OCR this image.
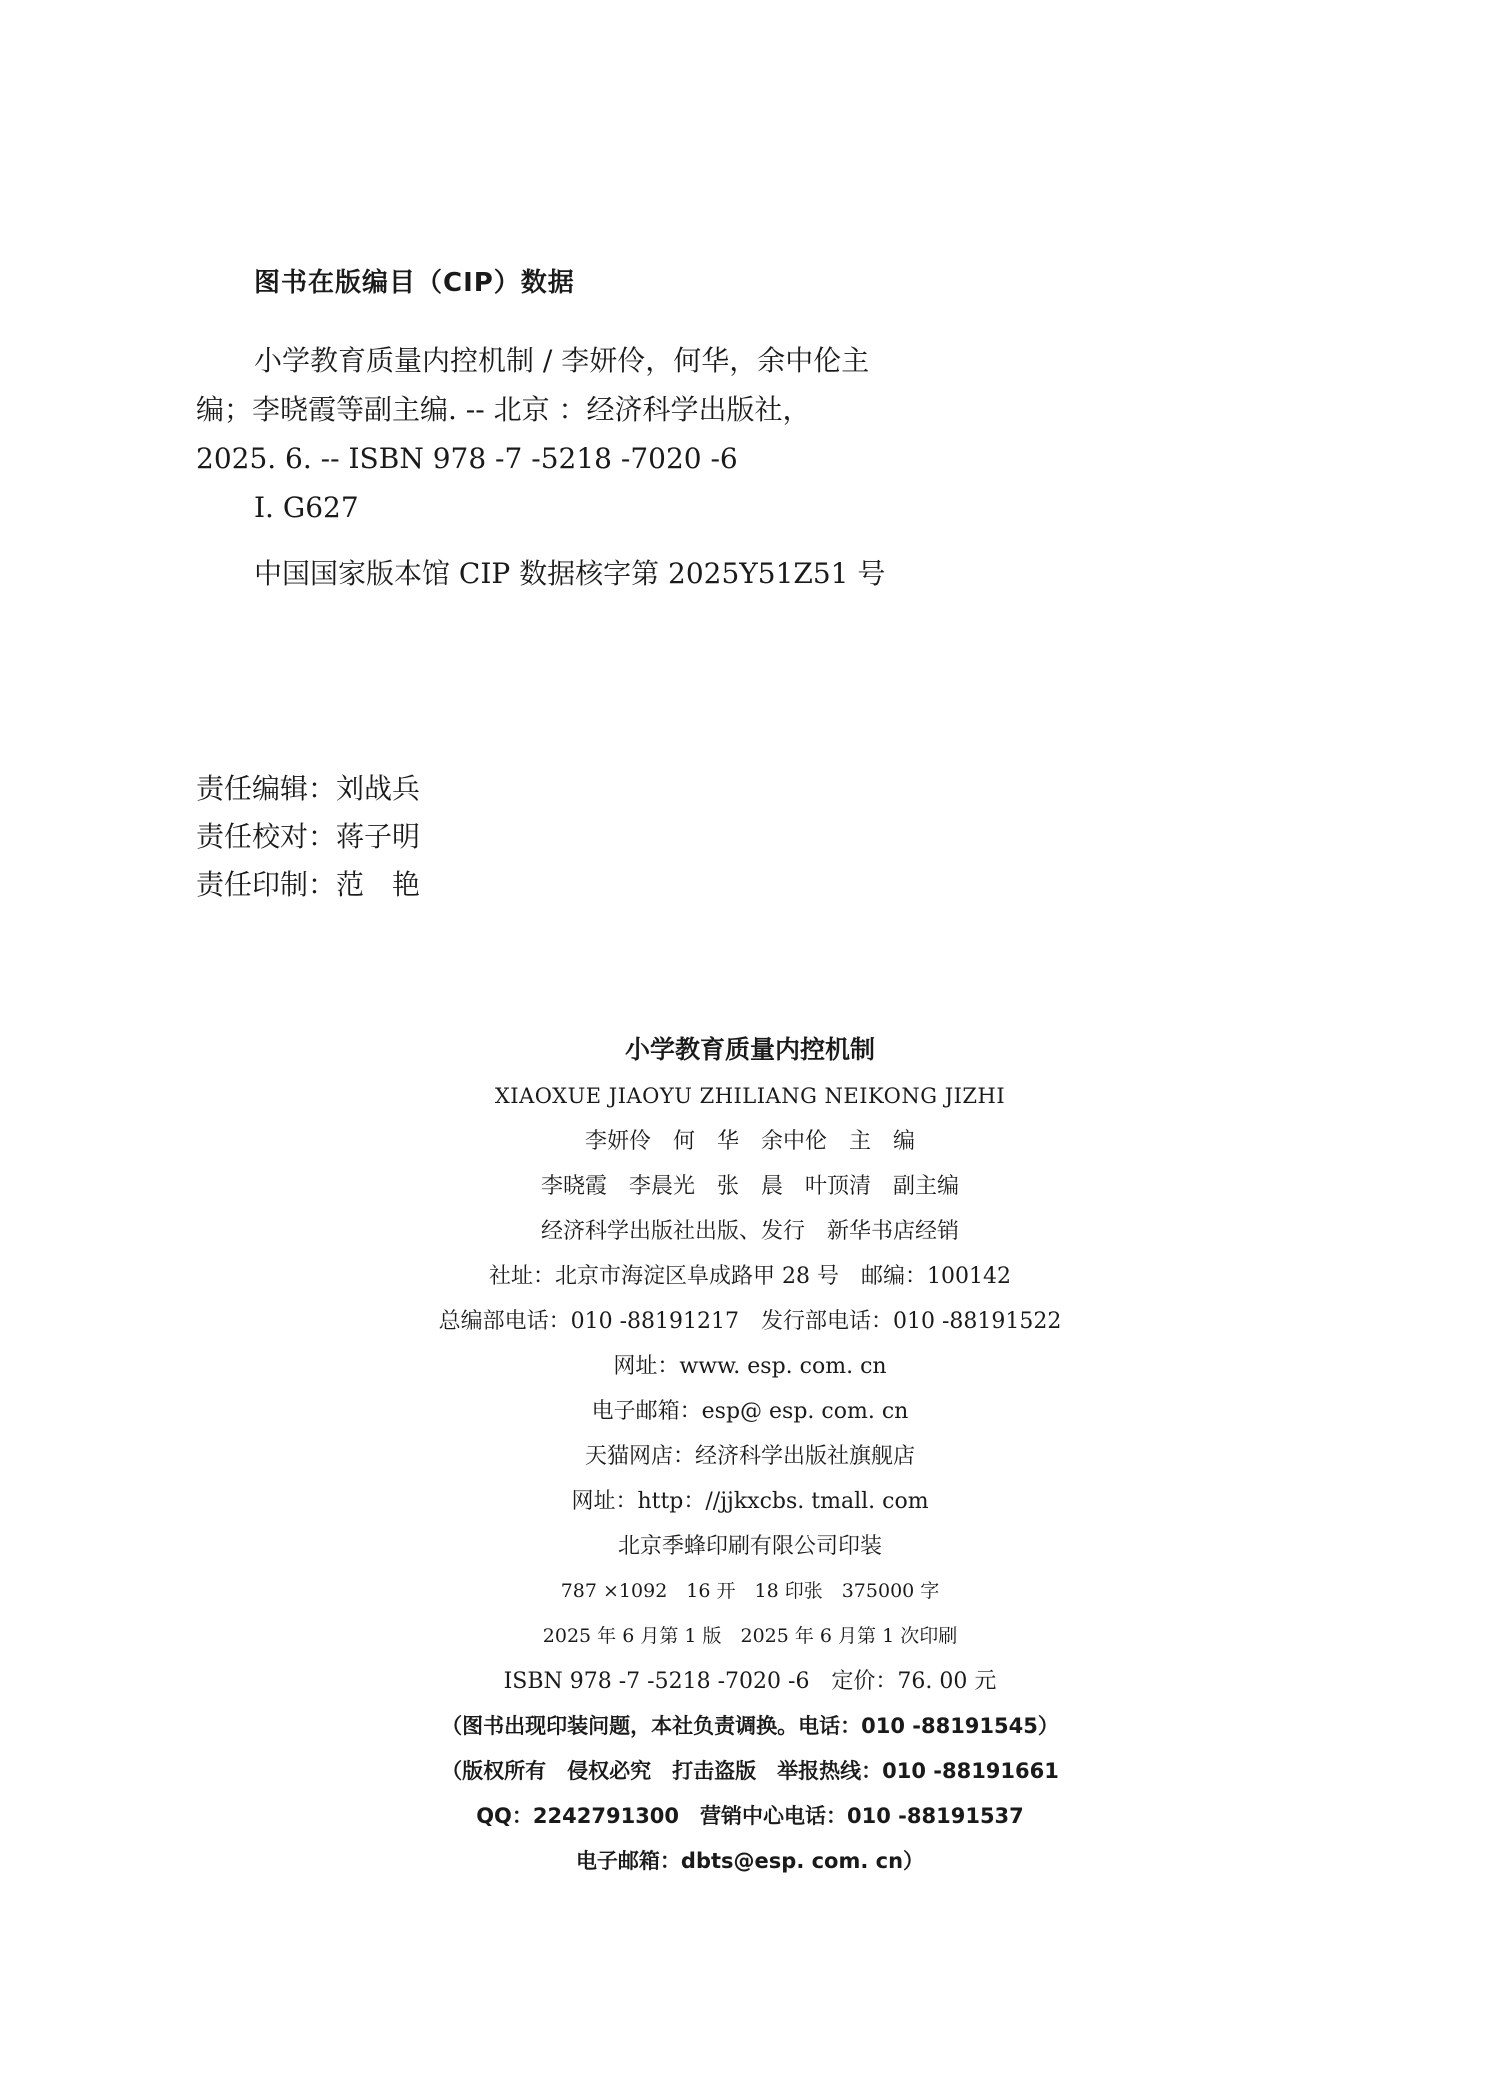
图书在版编目（CIP）数据
小学教育质量内控机制 / 李妍伶，何华，余中伦主
编；李晓霞等副主编. -- 北京 ：经济科学出版社，
2025. 6. -- ISBN 978 -7 -5218 -7020 -6
Ⅰ. G627
中国国家版本馆 CIP 数据核字第 2025Y51Z51 号
责任编辑：刘战兵
责任校对：蒋子明
责任印制：范　艳
小学教育质量内控机制
XIAOXUE JIAOYU ZHILIANG NEIKONG JIZHI
李妍伶　何　华　余中伦　主　编
李晓霞　李晨光　张　晨　叶顶清　副主编
经济科学出版社出版、发行　新华书店经销
社址：北京市海淀区阜成路甲 28 号　邮编：100142
总编部电话：010 -88191217　发行部电话：010 -88191522
网址：www. esp. com. cn
电子邮箱：esp@ esp. com. cn
天猫网店：经济科学出版社旗舰店
网址：http：//jjkxcbs. tmall. com
北京季蜂印刷有限公司印装
787 ×1092　16 开　18 印张　375000 字
2025 年 6 月第 1 版　2025 年 6 月第 1 次印刷
ISBN 978 -7 -5218 -7020 -6　定价：76. 00 元
（图书出现印装问题，本社负责调换。电话：010 -88191545）
（版权所有　侵权必究　打击盗版　举报热线：010 -88191661
QQ：2242791300　营销中心电话：010 -88191537
电子邮箱：dbts@esp. com. cn）
